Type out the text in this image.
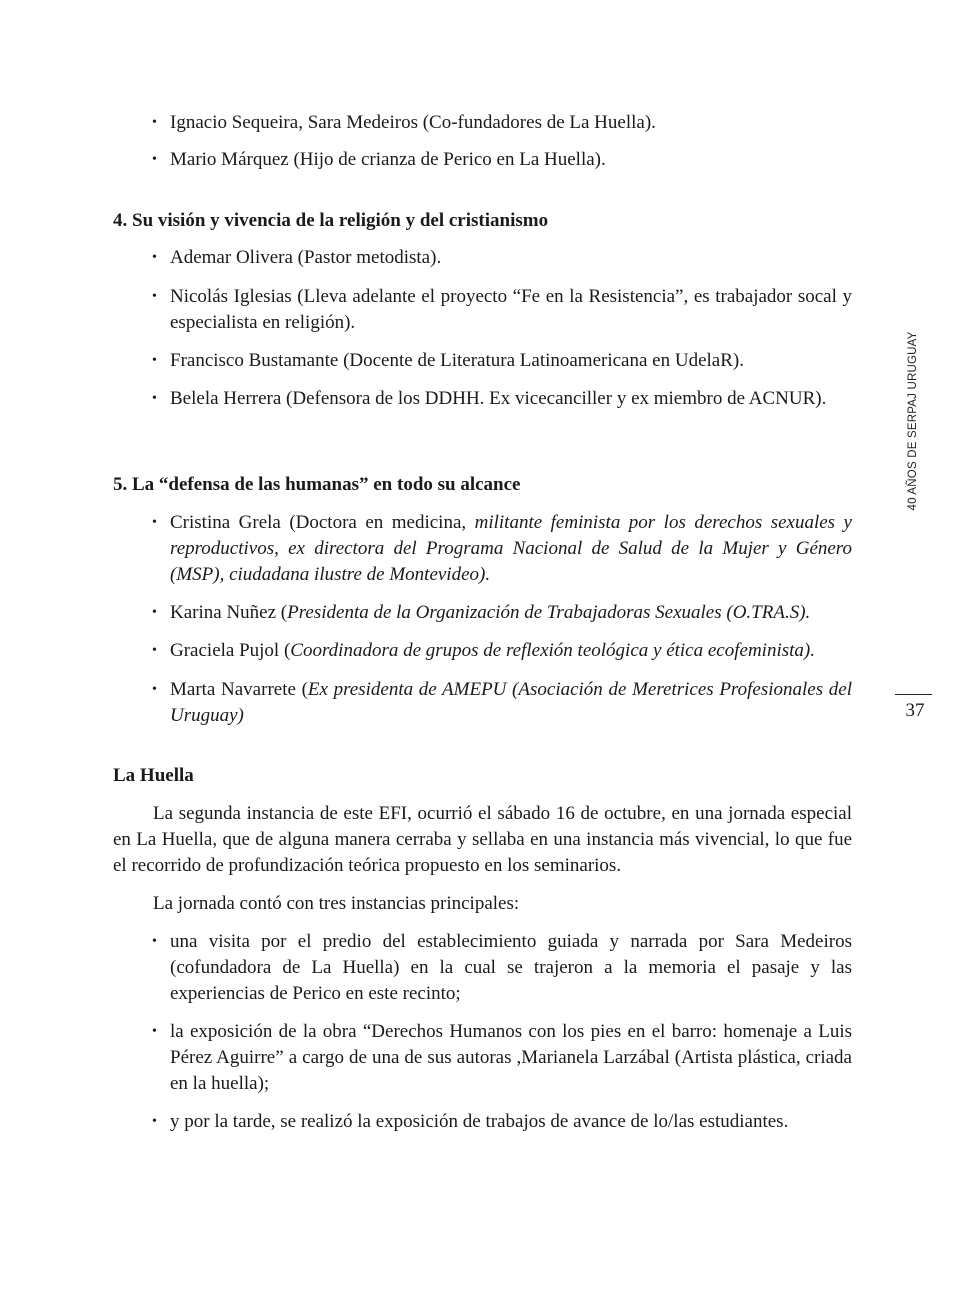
• Ignacio Sequeira, Sara Medeiros (Co-fundadores de La Huella).
• Mario Márquez (Hijo de crianza de Perico en La Huella).
4. Su visión y vivencia de la religión y del cristianismo
• Ademar Olivera (Pastor metodista).
• Nicolás Iglesias (Lleva adelante el proyecto “Fe en la Resistencia”, es trabajador socal y especialista en religión).
• Francisco Bustamante (Docente de Literatura Latinoamericana en UdelaR).
• Belela Herrera (Defensora de los DDHH. Ex vicecanciller y ex miembro de ACNUR).
5. La “defensa de las humanas” en todo su alcance
• Cristina Grela (Doctora en medicina, militante feminista por los derechos sexuales y reproductivos, ex directora del Programa Nacional de Salud de la Mujer y Género (MSP), ciudadana ilustre de Montevideo).
• Karina Nuñez (Presidenta de la Organización de Trabajadoras Sexuales (O.TRA.S).
• Graciela Pujol (Coordinadora de grupos de reflexión teológica y ética ecofeminista).
• Marta Navarrete (Ex presidenta de AMEPU (Asociación de Meretrices Profesionales del Uruguay)
La Huella
La segunda instancia de este EFI, ocurrió el sábado 16 de octubre, en una jornada especial en La Huella, que de alguna manera cerraba y sellaba en una instancia más vivencial, lo que fue el recorrido de profundización teórica propuesto en los seminarios.
La jornada contó con tres instancias principales:
• una visita por el predio del establecimiento guiada y narrada por Sara Medeiros (cofundadora de La Huella) en la cual se trajeron a la memoria el pasaje y las experiencias de Perico en este recinto;
• la exposición de la obra “Derechos Humanos con los pies en el barro: homenaje a Luis Pérez Aguirre” a cargo de una de sus autoras ,Marianela Larzábal (Artista plástica, criada en la huella);
• y por la tarde, se realizó la exposición de trabajos de avance de lo/las estudiantes.
40 AÑOS DE SERPAJ URUGUAY
37
